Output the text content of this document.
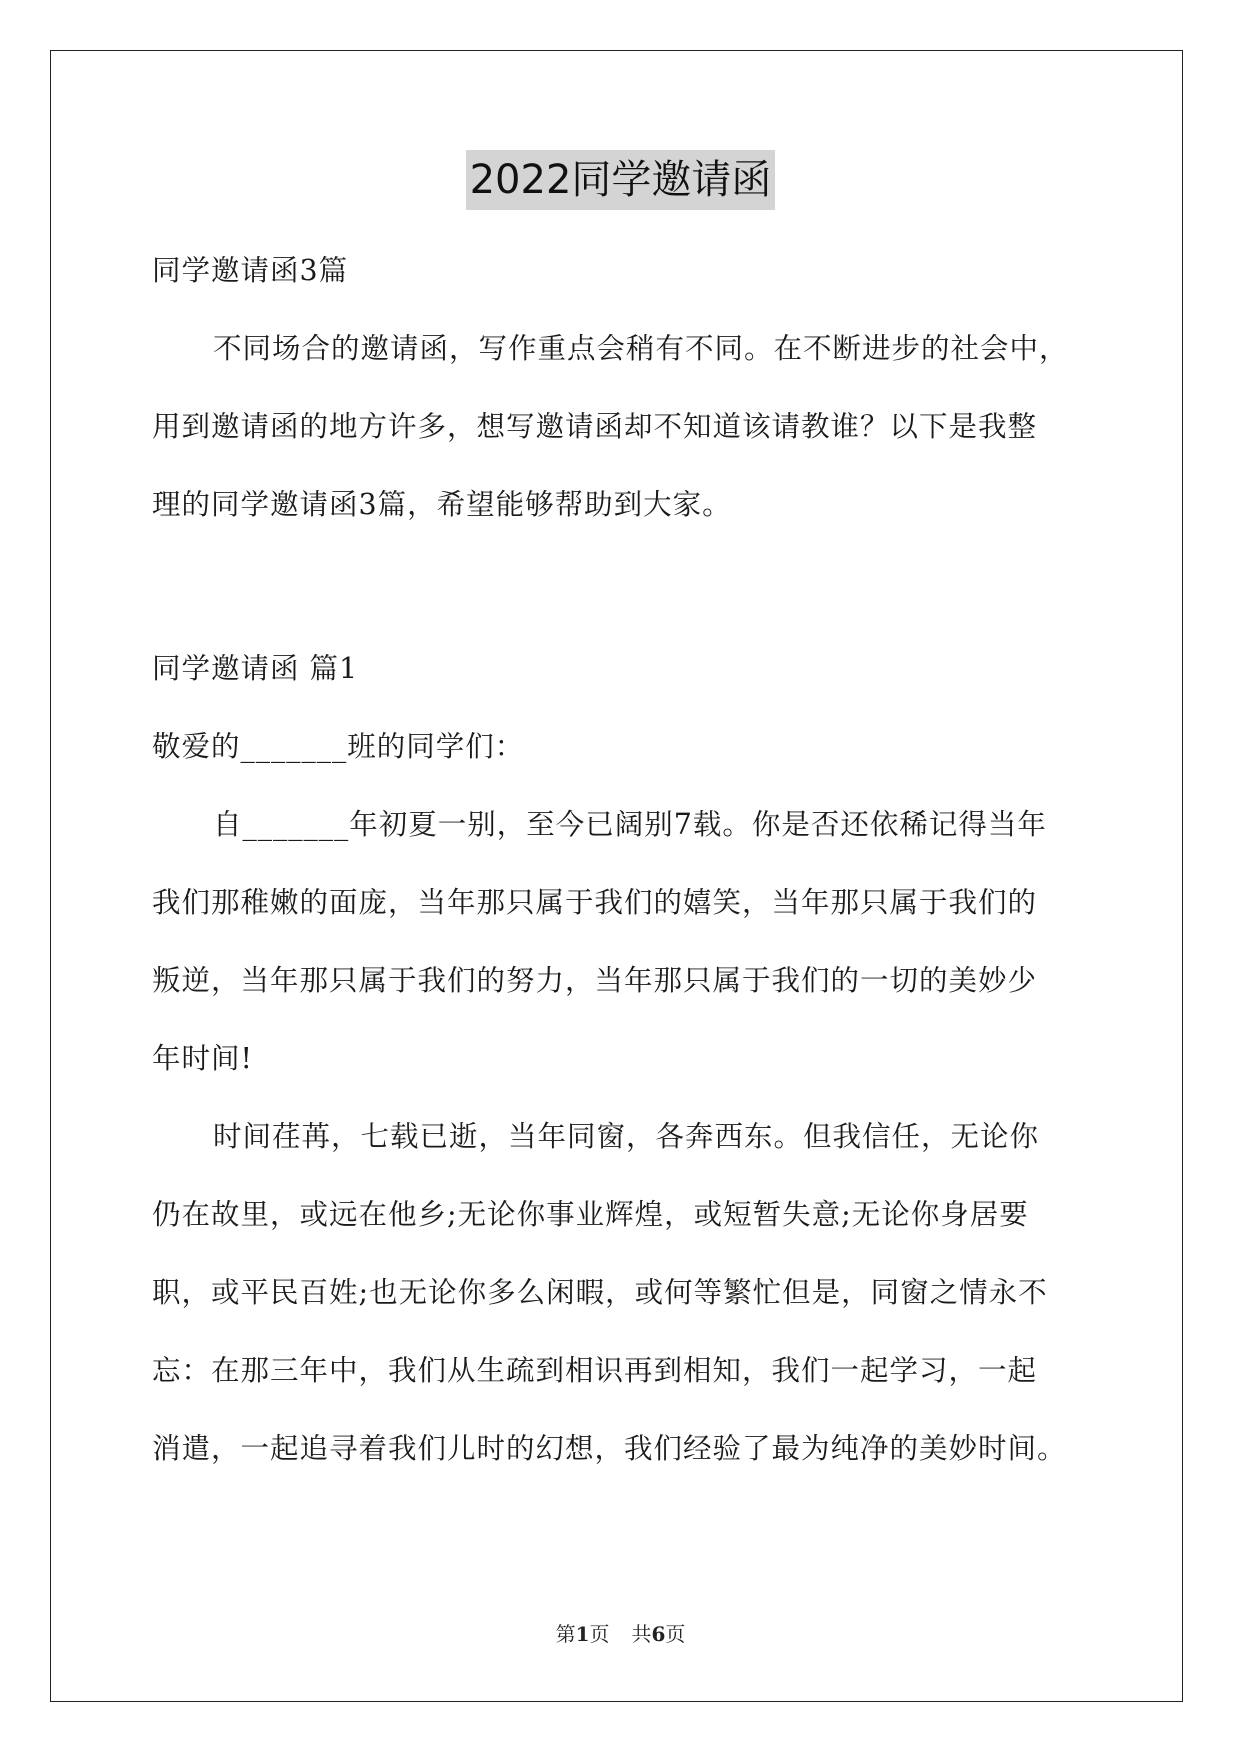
2022同学邀请函

同学邀请函3篇

不同场合的邀请函，写作重点会稍有不同。在不断进步的社会中，

用到邀请函的地方许多，想写邀请函却不知道该请教谁？以下是我整

理的同学邀请函3篇，希望能够帮助到大家。

同学邀请函 篇1

敬爱的_______班的同学们：

自_______年初夏一别，至今已阔别7载。你是否还依稀记得当年

我们那稚嫩的面庞，当年那只属于我们的嬉笑，当年那只属于我们的

叛逆，当年那只属于我们的努力，当年那只属于我们的一切的美妙少

年时间!

时间荏苒，七载已逝，当年同窗，各奔西东。但我信任，无论你

仍在故里，或远在他乡;无论你事业辉煌，或短暂失意;无论你身居要

职，或平民百姓;也无论你多么闲暇，或何等繁忙但是，同窗之情永不

忘：在那三年中，我们从生疏到相识再到相知，我们一起学习，一起

消遣，一起追寻着我们儿时的幻想，我们经验了最为纯净的美妙时间。

第1页 共6页
